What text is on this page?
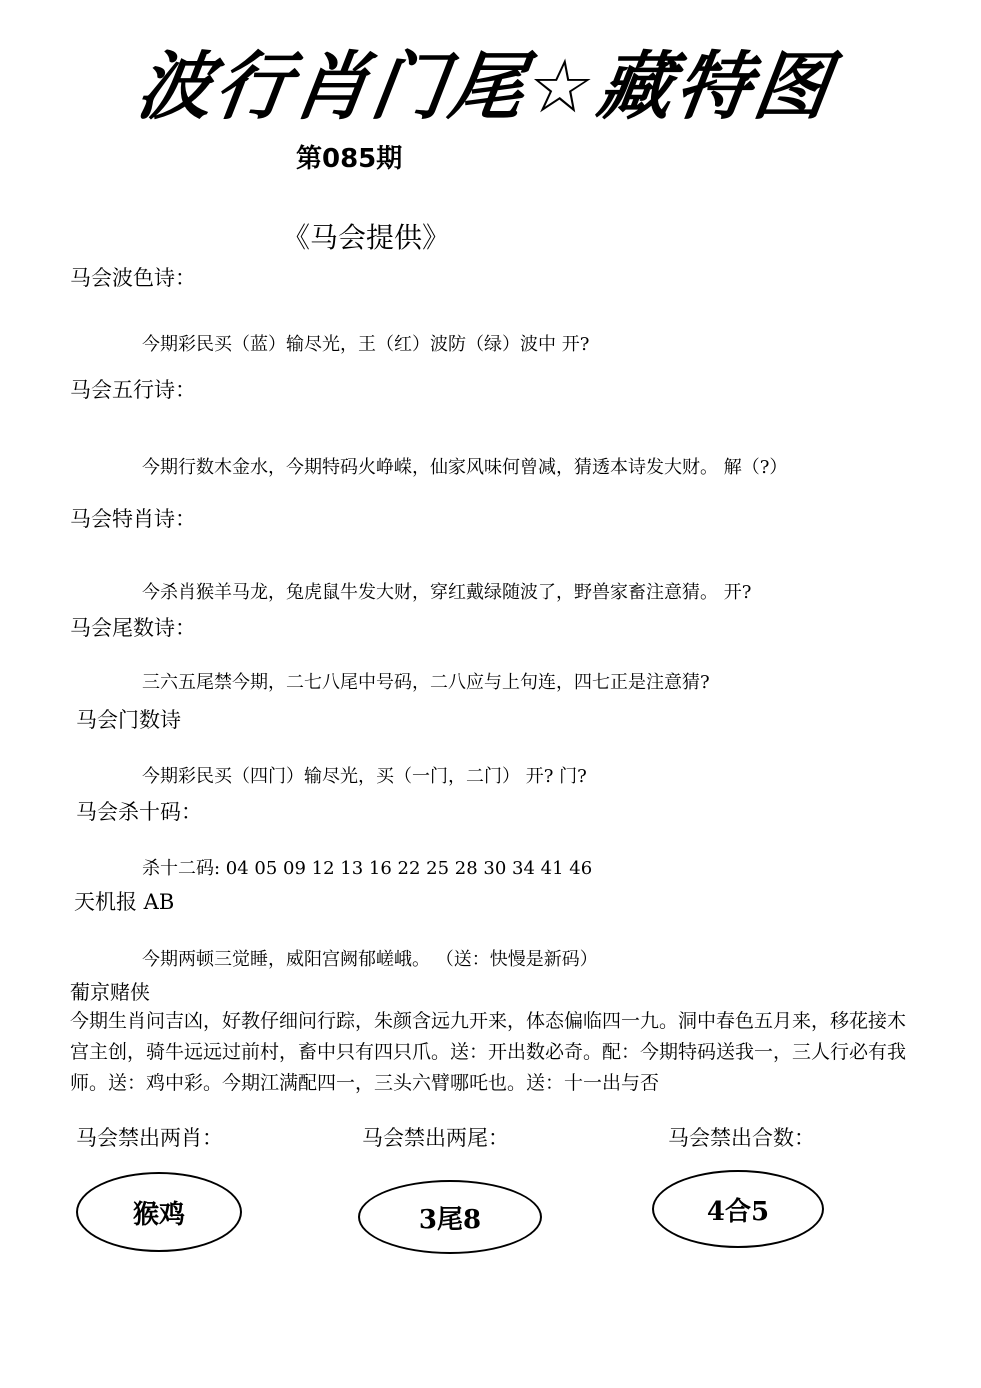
波行肖门尾☆藏特图
第085期
《马会提供》
马会波色诗：
今期彩民买（蓝）输尽光，王（红）波防（绿）波中 开?
马会五行诗：
今期行数木金水，今期特码火峥嵘，仙家风味何曾减，猜透本诗发大财。 解（?）
马会特肖诗：
今杀肖猴羊马龙，兔虎鼠牛发大财，穿红戴绿随波了，野兽家畜注意猜。 开?
马会尾数诗：
三六五尾禁今期，二七八尾中号码，二八应与上句连，四七正是注意猜?
马会门数诗
今期彩民买（四门）输尽光，买（一门，二门） 开? 门?
马会杀十码：
杀十二码: 04 05 09 12 13 16 22 25 28 30 34 41 46
天机报 AB
今期两顿三觉睡，威阳宫阙郁嵯峨。 （送：快慢是新码）
葡京赌侠
今期生肖问吉凶，好教仔细问行踪，朱颜含远九开来，体态偏临四一九。洞中春色五月来，移花接木宫主创，骑牛远远过前村，畜中只有四只爪。送：开出数必奇。配：今期特码送我一，三人行必有我师。送：鸡中彩。今期江满配四一，三头六臂哪吒也。送：十一出与否
马会禁出两肖：	马会禁出两尾：	马会禁出合数：
猴鸡	3尾8	4合5
